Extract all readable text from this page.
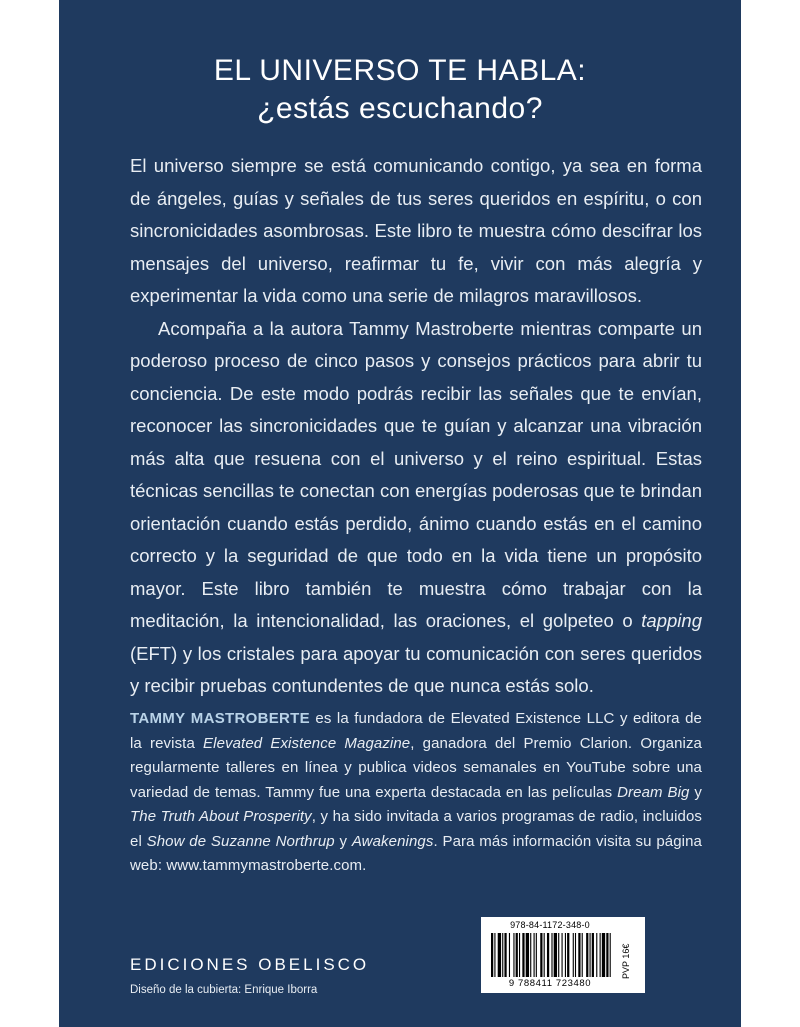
EL UNIVERSO TE HABLA:
¿estás escuchando?

El universo siempre se está comunicando contigo, ya sea en forma de ángeles, guías y señales de tus seres queridos en espíritu, o con sincronicidades asombrosas. Este libro te muestra cómo descifrar los mensajes del universo, reafirmar tu fe, vivir con más alegría y experimentar la vida como una serie de milagros maravillosos.

Acompaña a la autora Tammy Mastroberte mientras comparte un poderoso proceso de cinco pasos y consejos prácticos para abrir tu conciencia. De este modo podrás recibir las señales que te envían, reconocer las sincronicidades que te guían y alcanzar una vibración más alta que resuena con el universo y el reino espiritual. Estas técnicas sencillas te conectan con energías poderosas que te brindan orientación cuando estás perdido, ánimo cuando estás en el camino correcto y la seguridad de que todo en la vida tiene un propósito mayor. Este libro también te muestra cómo trabajar con la meditación, la intencionalidad, las oraciones, el golpeteo o tapping (EFT) y los cristales para apoyar tu comunicación con seres queridos y recibir pruebas contundentes de que nunca estás solo.

TAMMY MASTROBERTE es la fundadora de Elevated Existence LLC y editora de la revista Elevated Existence Magazine, ganadora del Premio Clarion. Organiza regularmente talleres en línea y publica videos semanales en YouTube sobre una variedad de temas. Tammy fue una experta destacada en las películas Dream Big y The Truth About Prosperity, y ha sido invitada a varios programas de radio, incluidos el Show de Suzanne Northrup y Awakenings. Para más información visita su página web: www.tammymastroberte.com.
EDICIONES OBELISCO
Diseño de la cubierta: Enrique Iborra
978-84-1172-348-0
9 788411 723480
PVP 16€
